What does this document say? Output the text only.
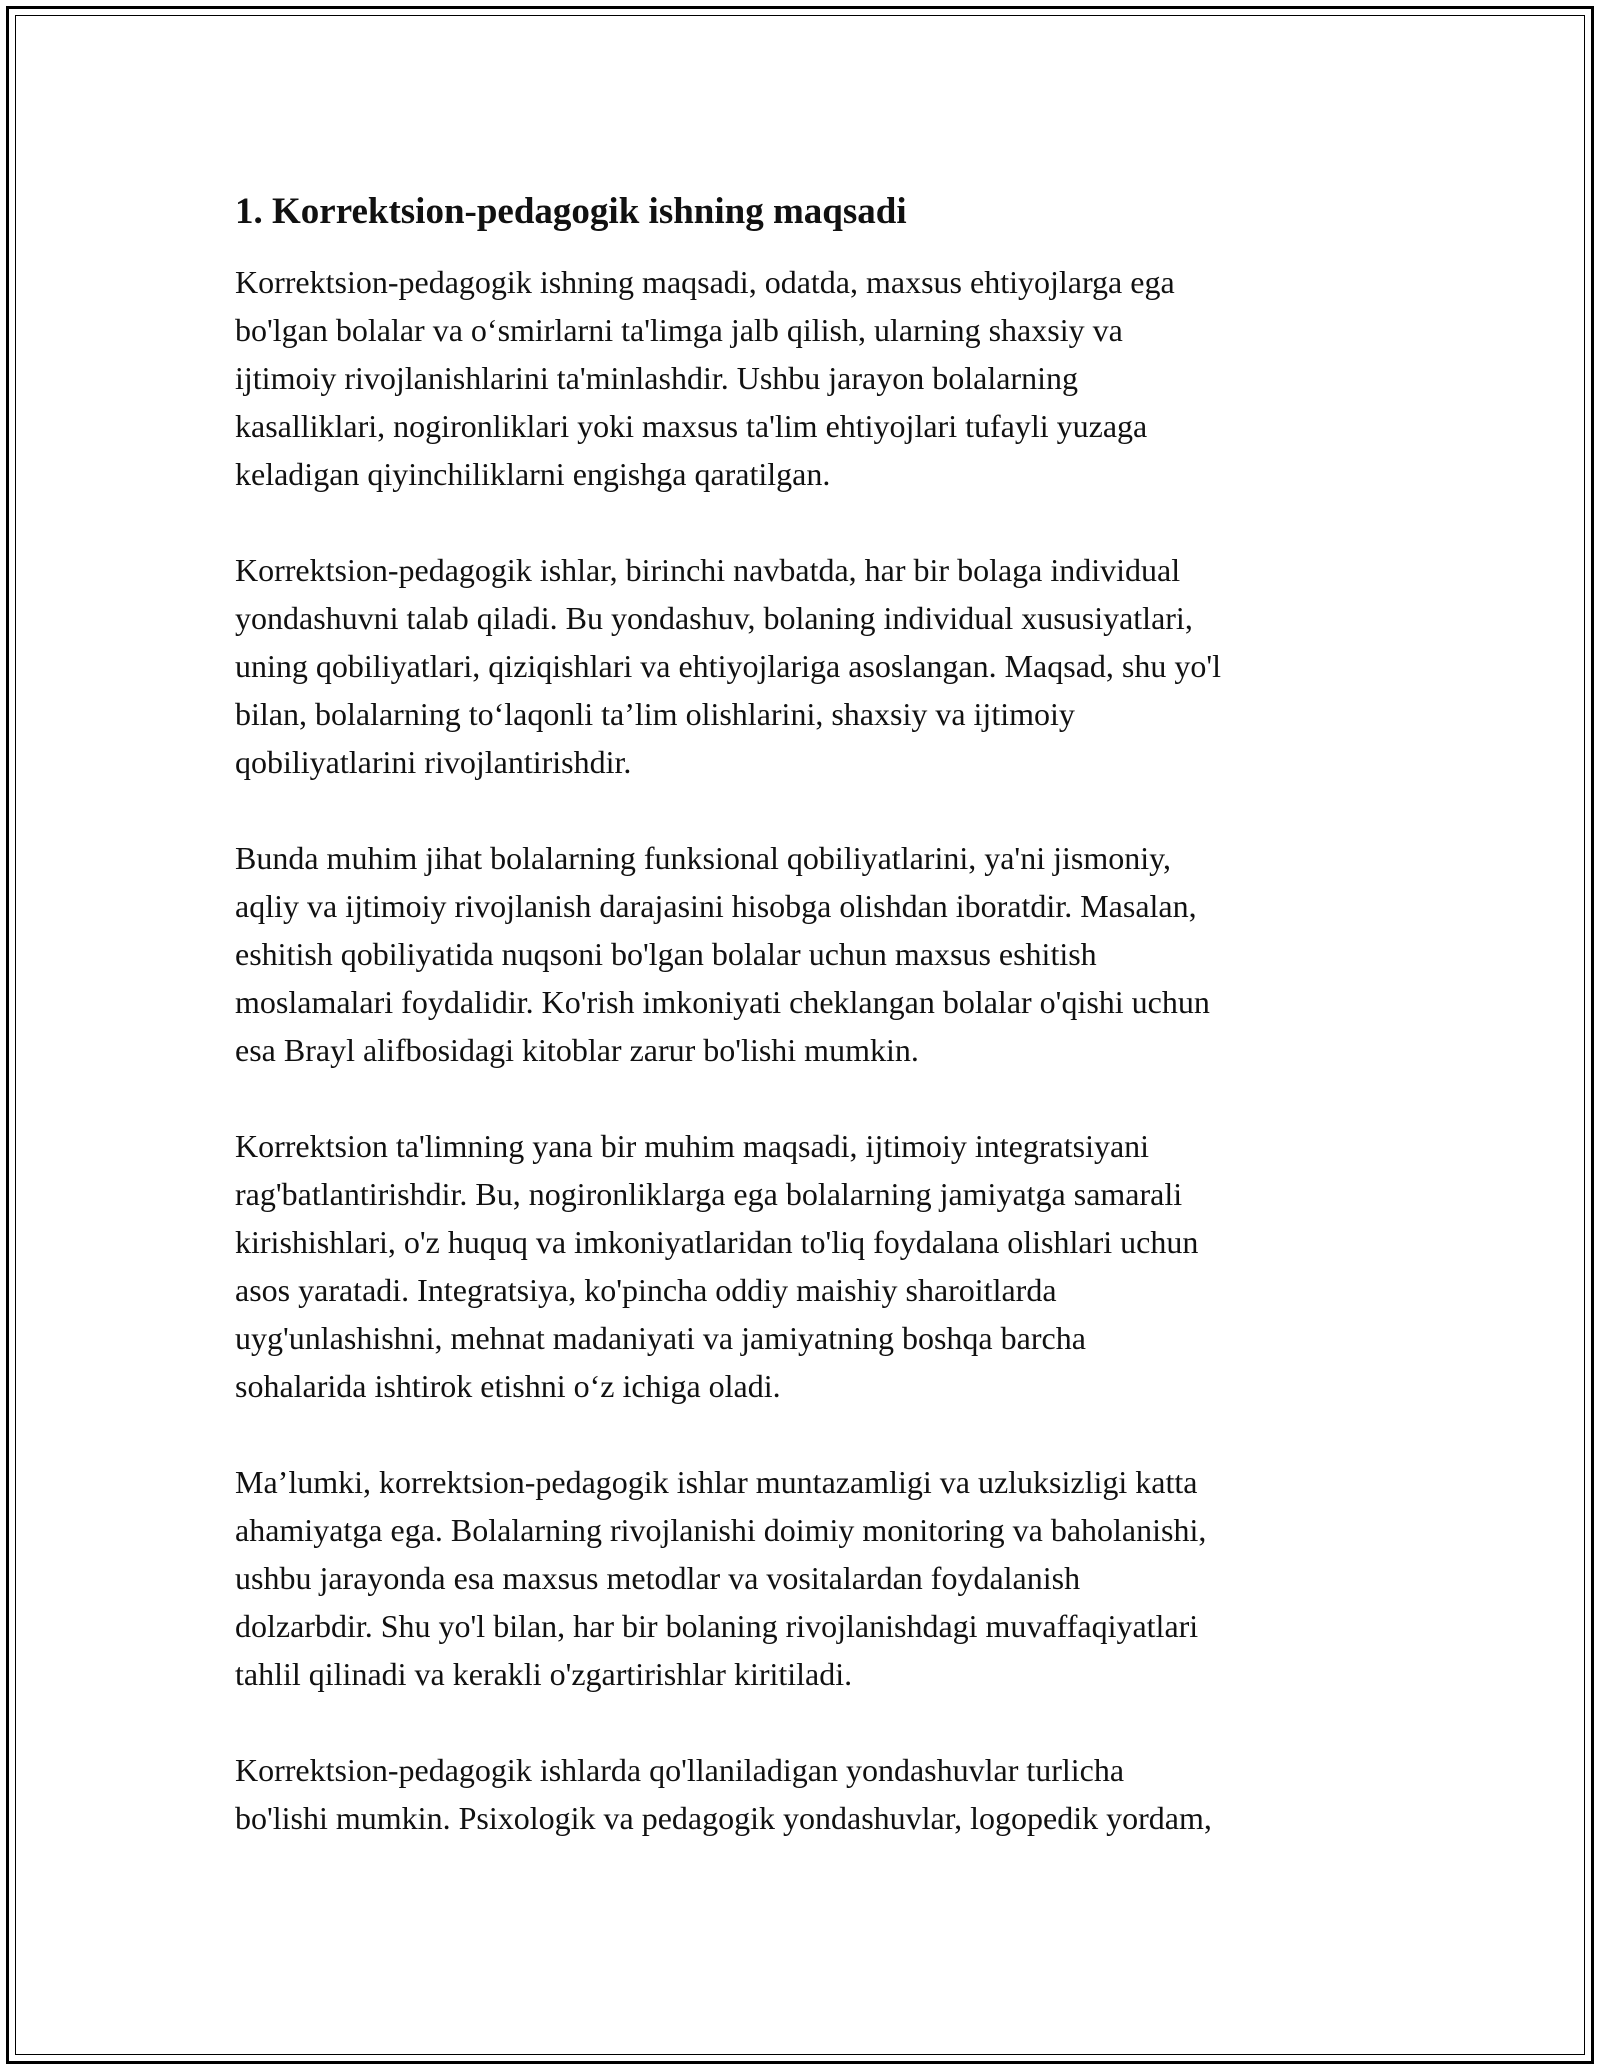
1. Korrektsion-pedagogik ishning maqsadi

Korrektsion-pedagogik ishning maqsadi, odatda, maxsus ehtiyojlarga ega
bo'lgan bolalar va o‘smirlarni ta'limga jalb qilish, ularning shaxsiy va
ijtimoiy rivojlanishlarini ta'minlashdir. Ushbu jarayon bolalarning
kasalliklari, nogironliklari yoki maxsus ta'lim ehtiyojlari tufayli yuzaga
keladigan qiyinchiliklarni engishga qaratilgan.

Korrektsion-pedagogik ishlar, birinchi navbatda, har bir bolaga individual
yondashuvni talab qiladi. Bu yondashuv, bolaning individual xususiyatlari,
uning qobiliyatlari, qiziqishlari va ehtiyojlariga asoslangan. Maqsad, shu yo'l
bilan, bolalarning to‘laqonli ta’lim olishlarini, shaxsiy va ijtimoiy
qobiliyatlarini rivojlantirishdir.

Bunda muhim jihat bolalarning funksional qobiliyatlarini, ya'ni jismoniy,
aqliy va ijtimoiy rivojlanish darajasini hisobga olishdan iboratdir. Masalan,
eshitish qobiliyatida nuqsoni bo'lgan bolalar uchun maxsus eshitish
moslamalari foydalidir. Ko'rish imkoniyati cheklangan bolalar o'qishi uchun
esa Brayl alifbosidagi kitoblar zarur bo'lishi mumkin.

Korrektsion ta'limning yana bir muhim maqsadi, ijtimoiy integratsiyani
rag'batlantirishdir. Bu, nogironliklarga ega bolalarning jamiyatga samarali
kirishishlari, o'z huquq va imkoniyatlaridan to'liq foydalana olishlari uchun
asos yaratadi. Integratsiya, ko'pincha oddiy maishiy sharoitlarda
uyg'unlashishni, mehnat madaniyati va jamiyatning boshqa barcha
sohalarida ishtirok etishni o‘z ichiga oladi.

Ma’lumki, korrektsion-pedagogik ishlar muntazamligi va uzluksizligi katta
ahamiyatga ega. Bolalarning rivojlanishi doimiy monitoring va baholanishi,
ushbu jarayonda esa maxsus metodlar va vositalardan foydalanish
dolzarbdir. Shu yo'l bilan, har bir bolaning rivojlanishdagi muvaffaqiyatlari
tahlil qilinadi va kerakli o'zgartirishlar kiritiladi.

Korrektsion-pedagogik ishlarda qo'llaniladigan yondashuvlar turlicha
bo'lishi mumkin. Psixologik va pedagogik yondashuvlar, logopedik yordam,
